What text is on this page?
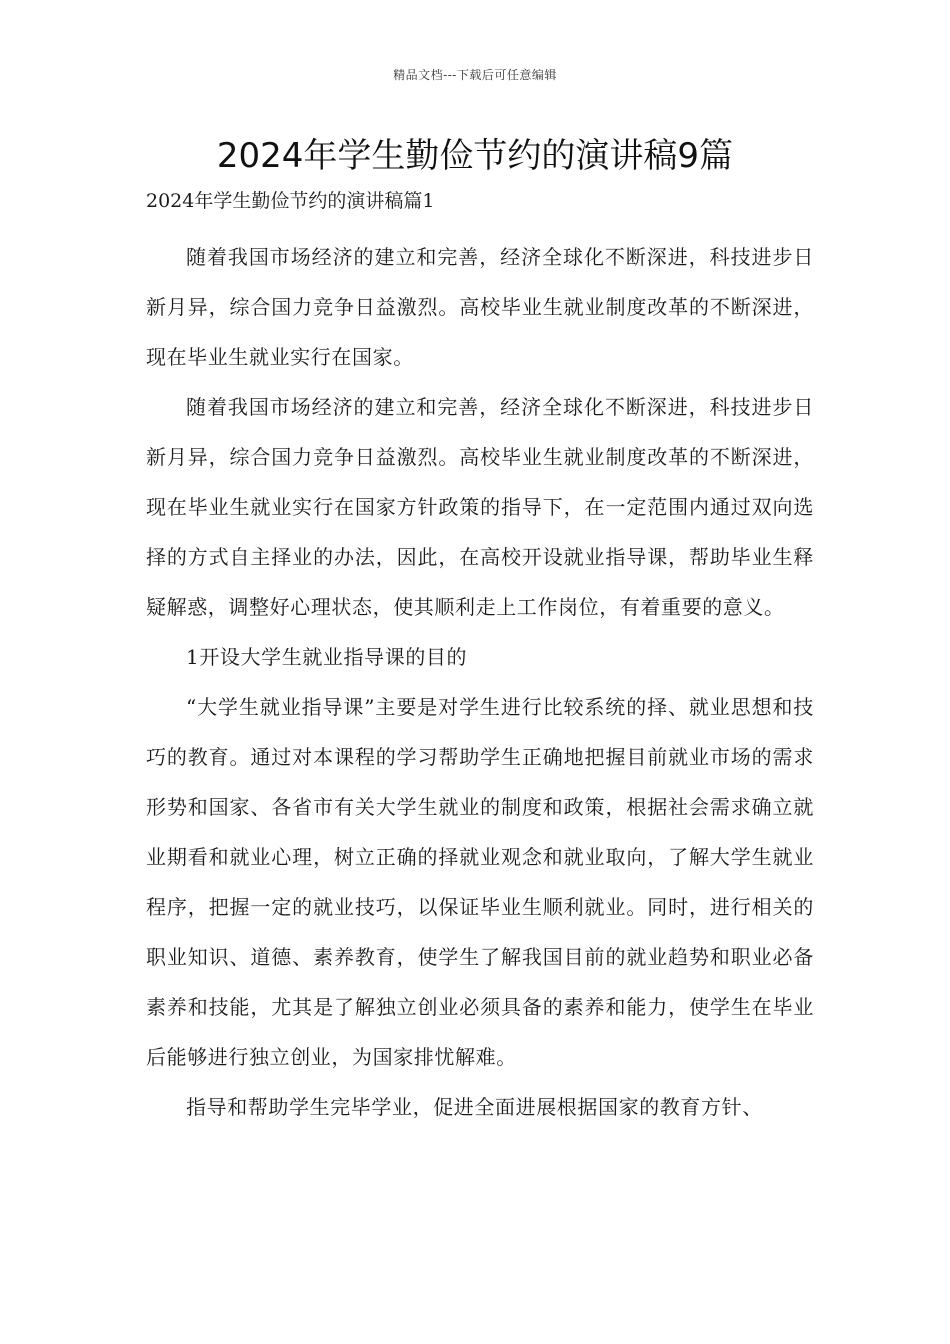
精品文档---下载后可任意编辑
2024年学生勤俭节约的演讲稿9篇

2024年学生勤俭节约的演讲稿篇1

随着我国市场经济的建立和完善，经济全球化不断深进，科技进步日新月异，综合国力竞争日益激烈。高校毕业生就业制度改革的不断深进，现在毕业生就业实行在国家。

随着我国市场经济的建立和完善，经济全球化不断深进，科技进步日新月异，综合国力竞争日益激烈。高校毕业生就业制度改革的不断深进，现在毕业生就业实行在国家方针政策的指导下，在一定范围内通过双向选择的方式自主择业的办法，因此，在高校开设就业指导课，帮助毕业生释疑解惑，调整好心理状态，使其顺利走上工作岗位，有着重要的意义。

1开设大学生就业指导课的目的

“大学生就业指导课”主要是对学生进行比较系统的择、就业思想和技巧的教育。通过对本课程的学习帮助学生正确地把握目前就业市场的需求形势和国家、各省市有关大学生就业的制度和政策，根据社会需求确立就业期看和就业心理，树立正确的择就业观念和就业取向，了解大学生就业程序，把握一定的就业技巧，以保证毕业生顺利就业。同时，进行相关的职业知识、道德、素养教育，使学生了解我国目前的就业趋势和职业必备素养和技能，尤其是了解独立创业必须具备的素养和能力，使学生在毕业后能够进行独立创业，为国家排忧解难。

指导和帮助学生完毕学业，促进全面进展根据国家的教育方针、
